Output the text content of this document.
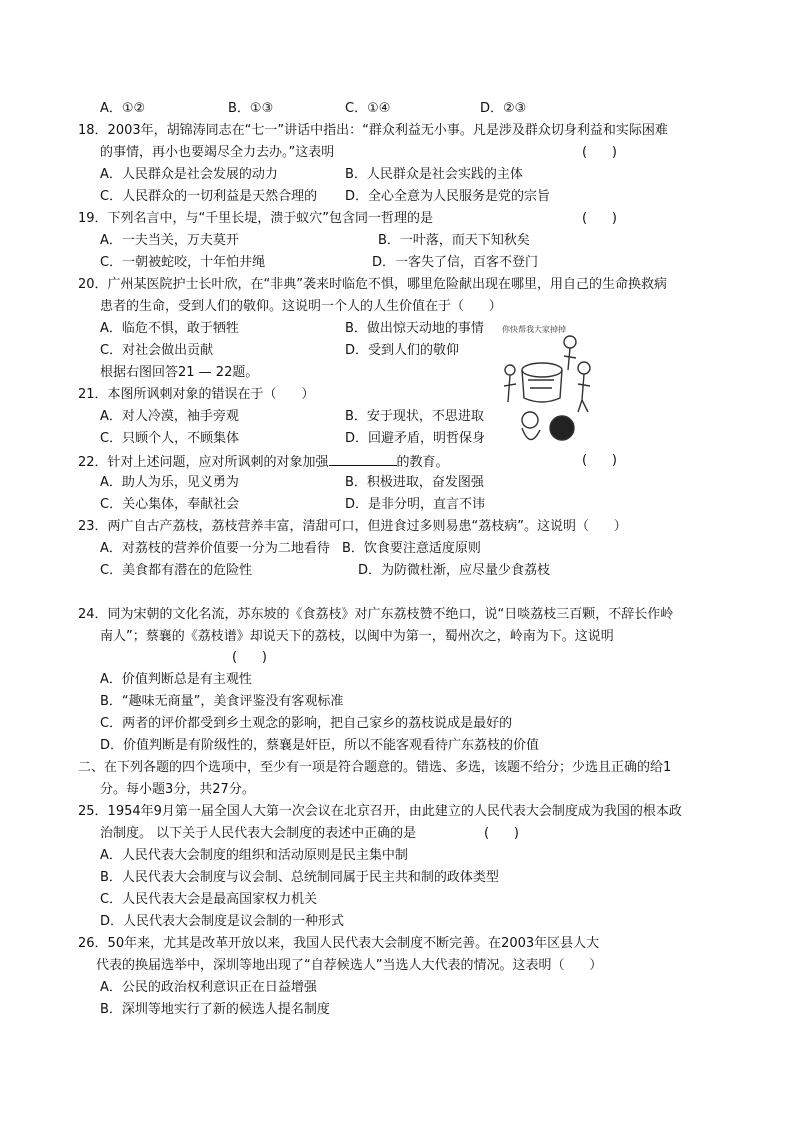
A．①②	B．①③	C．①④	D．②③
18．2003年，胡锦涛同志在“七一”讲话中指出：“群众利益无小事。凡是涉及群众切身利益和实际困难
的事情，再小也要竭尽全力去办。”这表明	(      )
A．人民群众是社会发展的动力	B．人民群众是社会实践的主体
C．人民群众的一切利益是天然合理的 D．全心全意为人民服务是党的宗旨
19．下列名言中，与“千里长堤，溃于蚁穴”包含同一哲理的是	(      )
A．一夫当关，万夫莫开	B．一叶落，而天下知秋矣
C．一朝被蛇咬，十年怕井绳	D．一客失了信，百客不登门
20．广州某医院护士长叶欣，在“非典”袭来时临危不惧，哪里危险献出现在哪里，用自己的生命换救病
患者的生命，受到人们的敬仰。这说明一个人的人生价值在于（      ）
A．临危不惧，敢于牺牲	B．做出惊天动地的事情
C．对社会做出贡献	D．受到人们的敬仰
根据右图回答21 — 22题。
你快帮我大家掉掉
21．本图所讽刺对象的错误在于（      ）
A．对人冷漠，袖手旁观	B．安于现状，不思进取
C．只顾个人，不顾集体	D．回避矛盾，明哲保身
22．针对上述问题，应对所讽刺的对象加强	的教育。	(      )
A．助人为乐，见义勇为	B．积极进取，奋发图强
C．关心集体，奉献社会	D．是非分明，直言不讳
23．两广自古产荔枝，荔枝营养丰富，清甜可口，但进食过多则易患“荔枝病”。这说明（      ）
A．对荔枝的营养价值要一分为二地看待 B．饮食要注意适度原则
C．美食都有潜在的危险性	D．为防微杜渐，应尽量少食荔枝
24．同为宋朝的文化名流，苏东坡的《食荔枝》对广东荔枝赞不绝口，说“日啖荔枝三百颗，不辞长作岭
南人”；蔡襄的《荔枝谱》却说天下的荔枝，以闽中为第一，蜀州次之，岭南为下。这说明
(      )
A．价值判断总是有主观性
B．“趣味无商量”，美食评鉴没有客观标准
C．两者的评价都受到乡土观念的影响，把自己家乡的荔枝说成是最好的
D．价值判断是有阶级性的，蔡襄是奸臣，所以不能客观看待广东荔枝的价值
二、在下列各题的四个选项中，至少有一项是符合题意的。错选、多选，该题不给分；少选且正确的给1
分。每小题3分，共27分。
25．1954年9月第一届全国人大第一次会议在北京召开，由此建立的人民代表大会制度成为我国的根本政
治制度。 以下关于人民代表大会制度的表述中正确的是	(      )
A．人民代表大会制度的组织和活动原则是民主集中制
B．人民代表大会制度与议会制、总统制同属于民主共和制的政体类型
C．人民代表大会是最高国家权力机关
D．人民代表大会制度是议会制的一种形式
26．50年来，尤其是改革开放以来，我国人民代表大会制度不断完善。在2003年区县人大
代表的换届选举中，深圳等地出现了“自荐候选人”当选人大代表的情况。这表明（      ）
A．公民的政治权利意识正在日益增强
B．深圳等地实行了新的候选人提名制度
